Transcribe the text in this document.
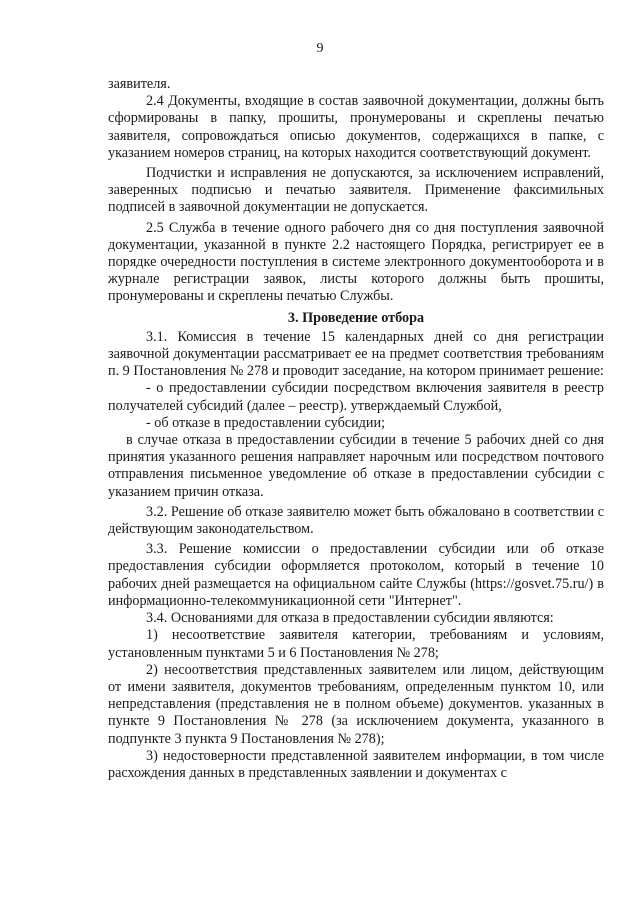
9

заявителя.

2.4 Документы, входящие в состав заявочной документации, должны быть сформированы в папку, прошиты, пронумерованы и скреплены печатью заявителя, сопровождаться описью документов, содержащихся в папке, с указанием номеров страниц, на которых находится соответствующий документ.

Подчистки и исправления не допускаются, за исключением исправлений, заверенных подписью и печатью заявителя. Применение факсимильных подписей в заявочной документации не допускается.

2.5 Служба в течение одного рабочего дня со дня поступления заявочной документации, указанной в пункте 2.2 настоящего Порядка, регистрирует ее в порядке очередности поступления в системе электронного документооборота и в журнале регистрации заявок, листы которого должны быть прошиты, пронумерованы и скреплены печатью Службы.

3. Проведение отбора

3.1. Комиссия в течение 15 календарных дней со дня регистрации заявочной документации рассматривает ее на предмет соответствия требованиям п. 9 Постановления № 278 и проводит заседание, на котором принимает решение:

- о предоставлении субсидии посредством включения заявителя в реестр получателей субсидий (далее – реестр). утверждаемый Службой,

- об отказе в предоставлении субсидии;

в случае отказа в предоставлении субсидии в течение 5 рабочих дней со дня принятия указанного решения направляет нарочным или посредством почтового отправления письменное уведомление об отказе в предоставлении субсидии с указанием причин отказа.

3.2. Решение об отказе заявителю может быть обжаловано в соответствии с действующим законодательством.

3.3. Решение комиссии о предоставлении субсидии или об отказе предоставления субсидии оформляется протоколом, который в течение 10 рабочих дней размещается на официальном сайте Службы (https://gosvet.75.ru/) в информационно-телекоммуникационной сети "Интернет".

3.4. Основаниями для отказа в предоставлении субсидии являются:

1) несоответствие заявителя категории, требованиям и условиям, установленным пунктами 5 и 6 Постановления № 278;

2) несоответствия представленных заявителем или лицом, действующим от имени заявителя, документов требованиям, определенным пунктом 10, или непредставления (представления не в полном объеме) документов. указанных в пункте 9 Постановления № 278 (за исключением документа, указанного в подпункте 3 пункта 9 Постановления № 278);

3) недостоверности представленной заявителем информации, в том числе расхождения данных в представленных заявлении и документах с
